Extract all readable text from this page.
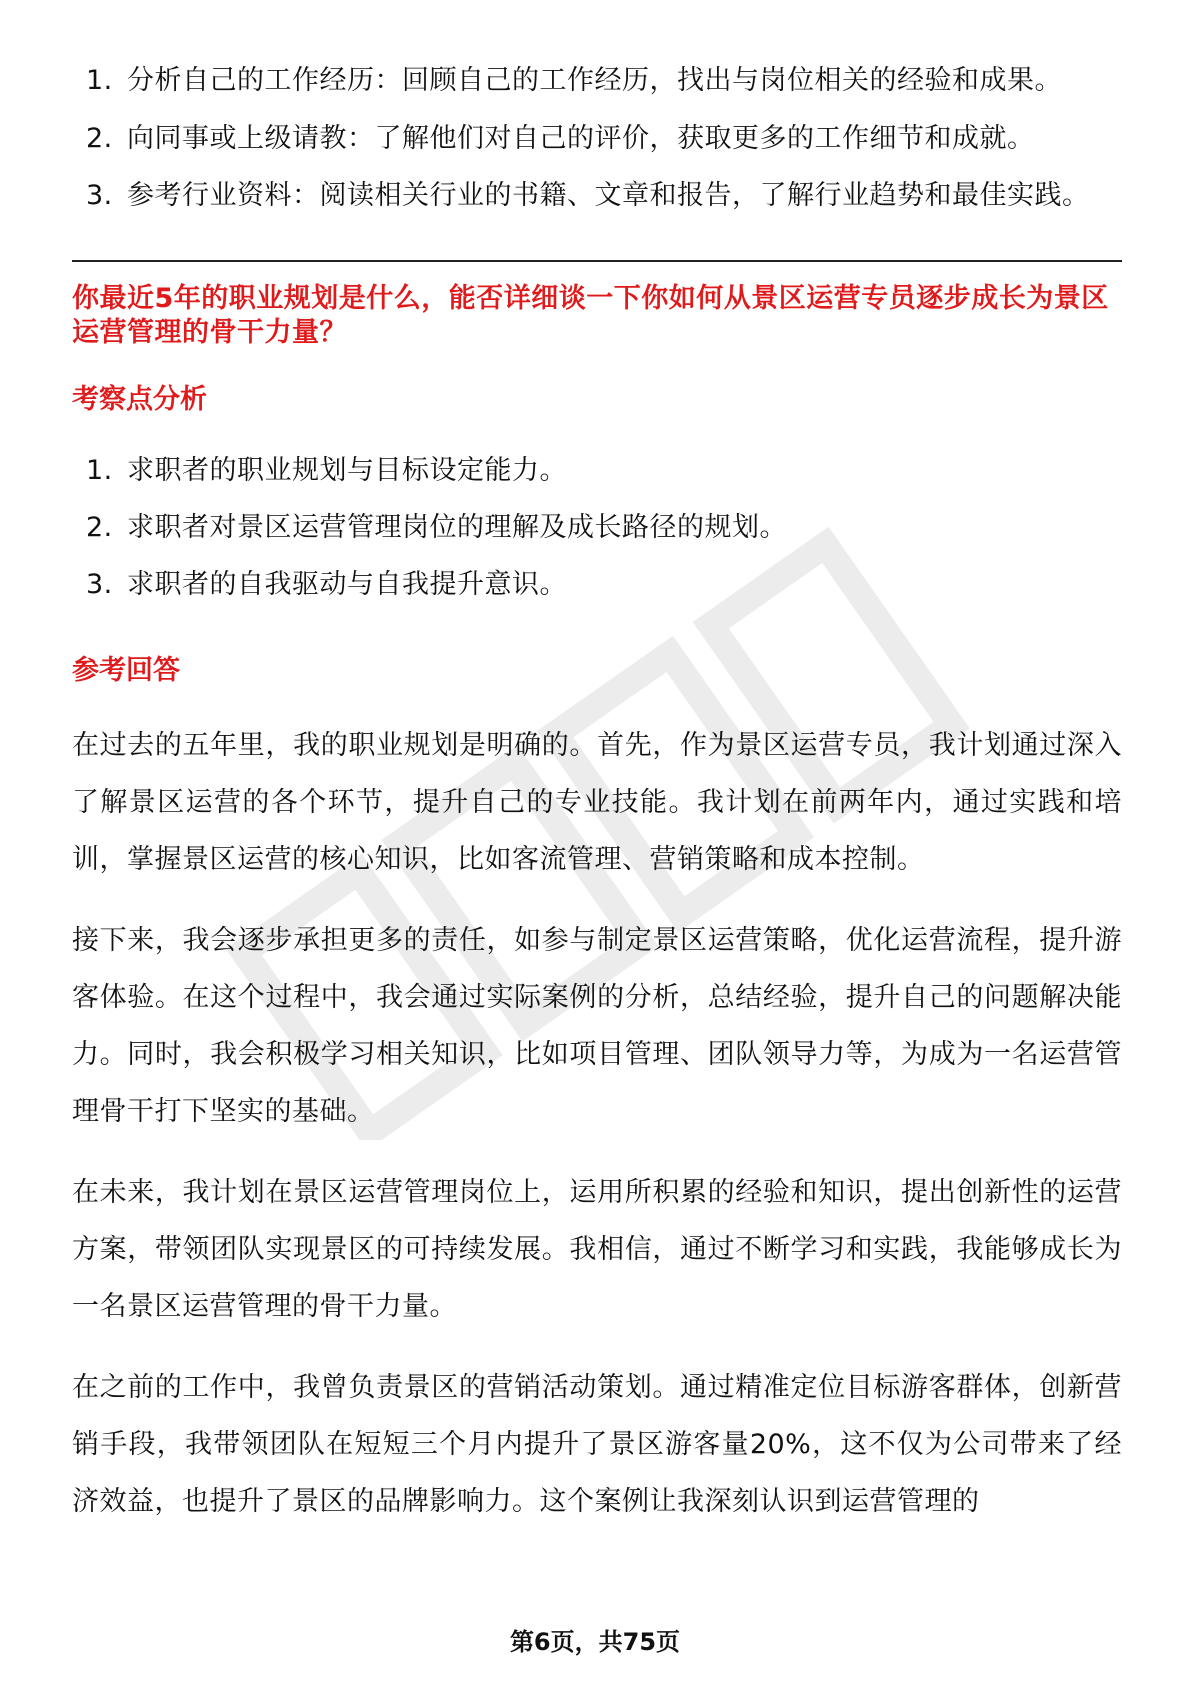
1. 分析自己的工作经历：回顾自己的工作经历，找出与岗位相关的经验和成果。
2. 向同事或上级请教：了解他们对自己的评价，获取更多的工作细节和成就。
3. 参考行业资料：阅读相关行业的书籍、文章和报告，了解行业趋势和最佳实践。
你最近5年的职业规划是什么，能否详细谈一下你如何从景区运营专员逐步成长为景区运营管理的骨干力量？
考察点分析
1. 求职者的职业规划与目标设定能力。
2. 求职者对景区运营管理岗位的理解及成长路径的规划。
3. 求职者的自我驱动与自我提升意识。
参考回答

在过去的五年里，我的职业规划是明确的。首先，作为景区运营专员，我计划通过深入了解景区运营的各个环节，提升自己的专业技能。我计划在前两年内，通过实践和培训，掌握景区运营的核心知识，比如客流管理、营销策略和成本控制。

接下来，我会逐步承担更多的责任，如参与制定景区运营策略，优化运营流程，提升游客体验。在这个过程中，我会通过实际案例的分析，总结经验，提升自己的问题解决能力。同时，我会积极学习相关知识，比如项目管理、团队领导力等，为成为一名运营管理骨干打下坚实的基础。

在未来，我计划在景区运营管理岗位上，运用所积累的经验和知识，提出创新性的运营方案，带领团队实现景区的可持续发展。我相信，通过不断学习和实践，我能够成长为一名景区运营管理的骨干力量。

在之前的工作中，我曾负责景区的营销活动策划。通过精准定位目标游客群体，创新营销手段，我带领团队在短短三个月内提升了景区游客量20%，这不仅为公司带来了经济效益，也提升了景区的品牌影响力。这个案例让我深刻认识到运营管理的

第6页，共75页
